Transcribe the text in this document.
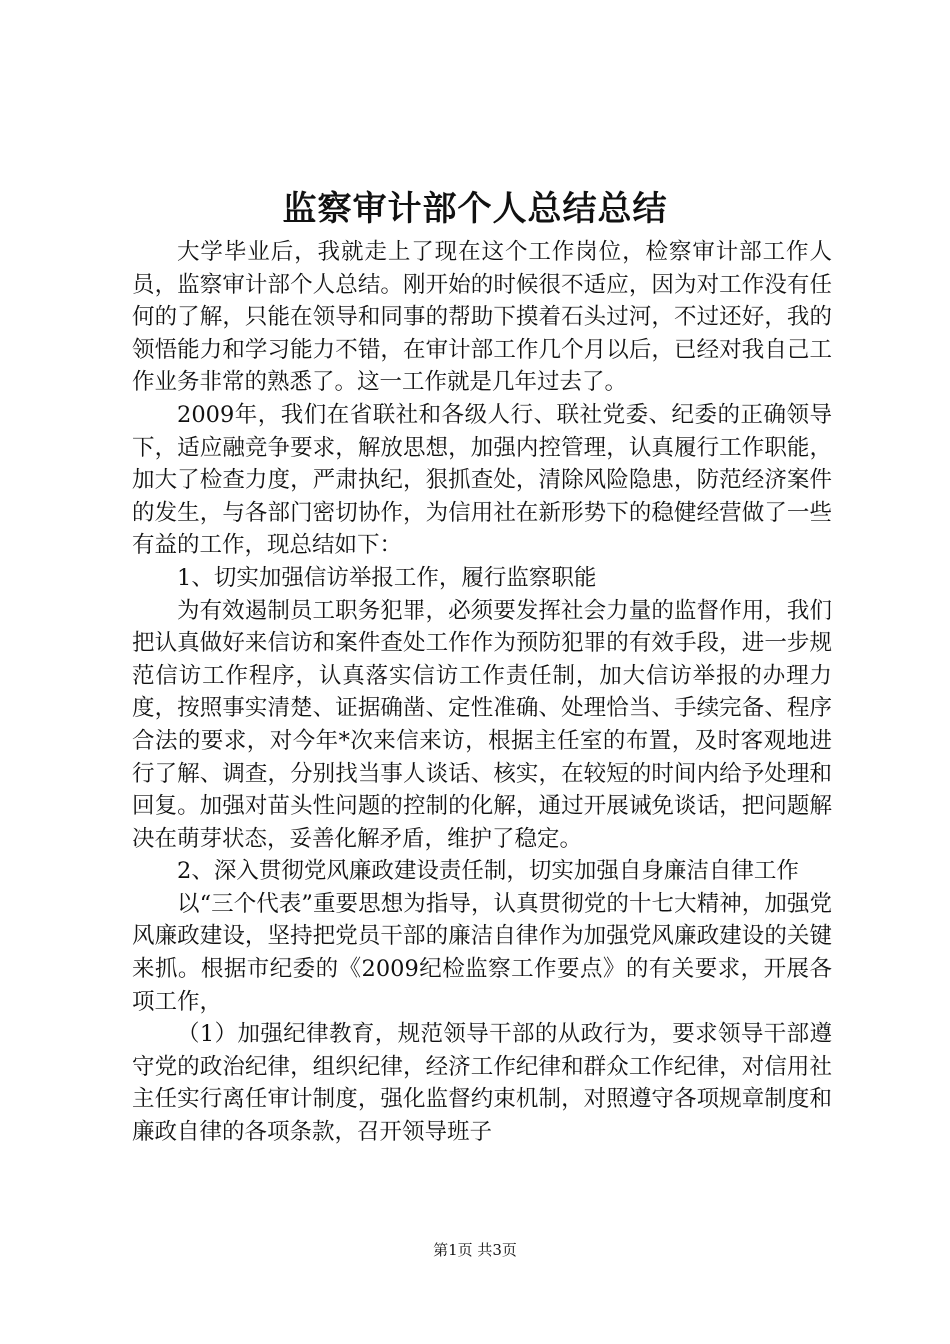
监察审计部个人总结总结

大学毕业后，我就走上了现在这个工作岗位，检察审计部工作人员，监察审计部个人总结。刚开始的时候很不适应，因为对工作没有任何的了解，只能在领导和同事的帮助下摸着石头过河，不过还好，我的领悟能力和学习能力不错，在审计部工作几个月以后，已经对我自己工作业务非常的熟悉了。这一工作就是几年过去了。

2009年，我们在省联社和各级人行、联社党委、纪委的正确领导下，适应融竞争要求，解放思想，加强内控管理，认真履行工作职能，加大了检查力度，严肃执纪，狠抓查处，清除风险隐患，防范经济案件的发生，与各部门密切协作，为信用社在新形势下的稳健经营做了一些有益的工作，现总结如下：

1、切实加强信访举报工作，履行监察职能

为有效遏制员工职务犯罪，必须要发挥社会力量的监督作用，我们把认真做好来信访和案件查处工作作为预防犯罪的有效手段，进一步规范信访工作程序，认真落实信访工作责任制，加大信访举报的办理力度，按照事实清楚、证据确凿、定性准确、处理恰当、手续完备、程序合法的要求，对今年*次来信来访，根据主任室的布置，及时客观地进行了解、调查，分别找当事人谈话、核实，在较短的时间内给予处理和回复。加强对苗头性问题的控制的化解，通过开展诫免谈话，把问题解决在萌芽状态，妥善化解矛盾，维护了稳定。

2、深入贯彻党风廉政建设责任制，切实加强自身廉洁自律工作

以“三个代表”重要思想为指导，认真贯彻党的十七大精神，加强党风廉政建设，坚持把党员干部的廉洁自律作为加强党风廉政建设的关键来抓。根据市纪委的《2009纪检监察工作要点》的有关要求，开展各项工作，

（1）加强纪律教育，规范领导干部的从政行为，要求领导干部遵守党的政治纪律，组织纪律，经济工作纪律和群众工作纪律，对信用社主任实行离任审计制度，强化监督约束机制，对照遵守各项规章制度和廉政自律的各项条款，召开领导班子

第1页 共3页
